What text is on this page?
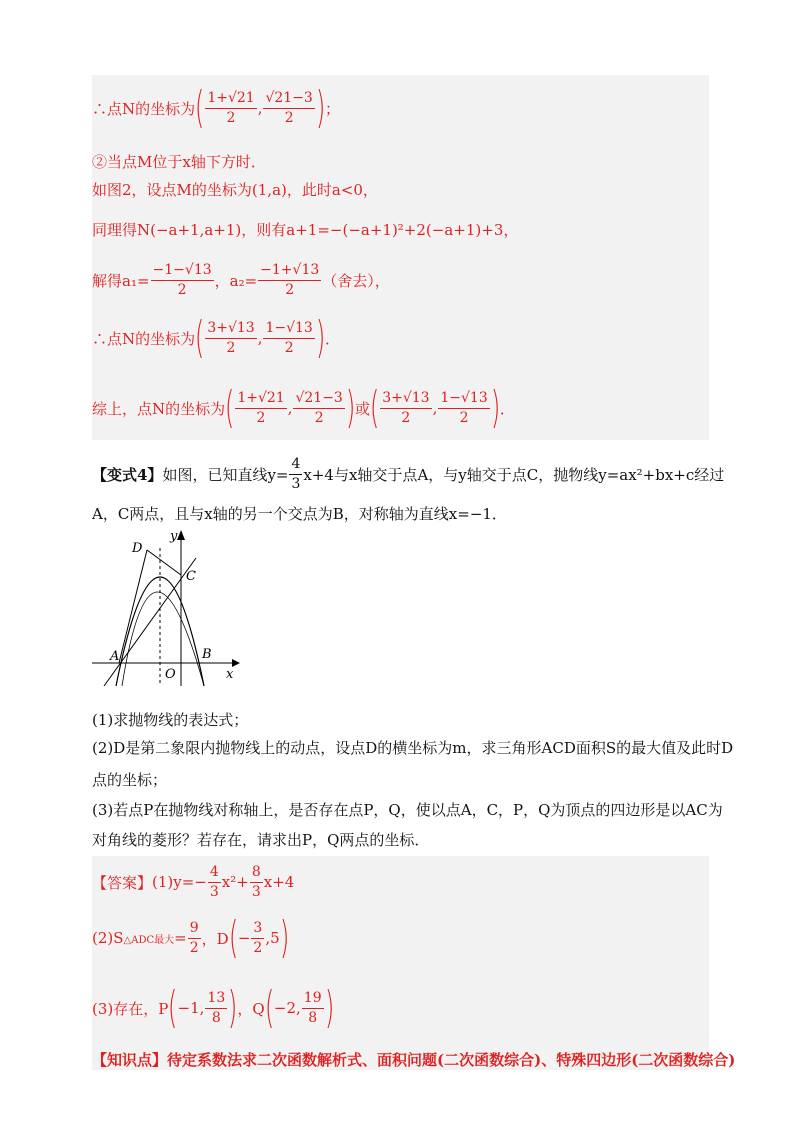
∴点N的坐标为 ( $\frac{1+√21}{2}$ , $\frac{√21-3}{2}$ ) ；
②当点M位于x轴下方时．
如图2，设点M的坐标为(1,a)，此时a<0，
同理得N(−a+1,a+1)，则有a+1=−(−a+1)²+2(−a+1)+3，
解得$a_1= \frac{-1-√13}{2}$ ，$a_2= \frac{-1+√13}{2}$ （舍去），
∴点N的坐标为 ( $\frac{3+√13}{2}$ , $\frac{1-√13}{2}$ ) ．
综上，点N的坐标为 ( $\frac{1+√21}{2}$ , $\frac{√21-3}{2}$ ) 或 ( $\frac{3+√13}{2}$ , $\frac{1-√13}{2}$ ) ．
【变式4】 如图，已知直线$y= \frac{4}{3} x+4$与x轴交于点A，与y轴交于点C，抛物线y=ax²+bx+c经过
A，C两点，且与x轴的另一个交点为B，对称轴为直线x=−1．
D
y
C
A
O
B
x
(1)求抛物线的表达式；
(2)D是第二象限内抛物线上的动点，设点D的横坐标为m，求三角形ACD面积S的最大值及此时D
点的坐标；
(3)若点P在抛物线对称轴上，是否存在点P，Q，使以点A，C，P，Q为顶点的四边形是以AC为
对角线的菱形？若存在，请求出P，Q两点的坐标．
【答案】 $(1)y=- \frac{4}{3} x^2+ \frac{8}{3} x+4$
(2)S △ADC最大 = $\frac{9}{2}$ ，D ( − $\frac{3}{2} ,5$ )
(3)存在，P ( −1, $\frac{13}{8}$ ) ，Q ( −2, $\frac{19}{8}$ )
【知识点】待定系数法求二次函数解析式、面积问题(二次函数综合)、特殊四边形(二次函数综合)
